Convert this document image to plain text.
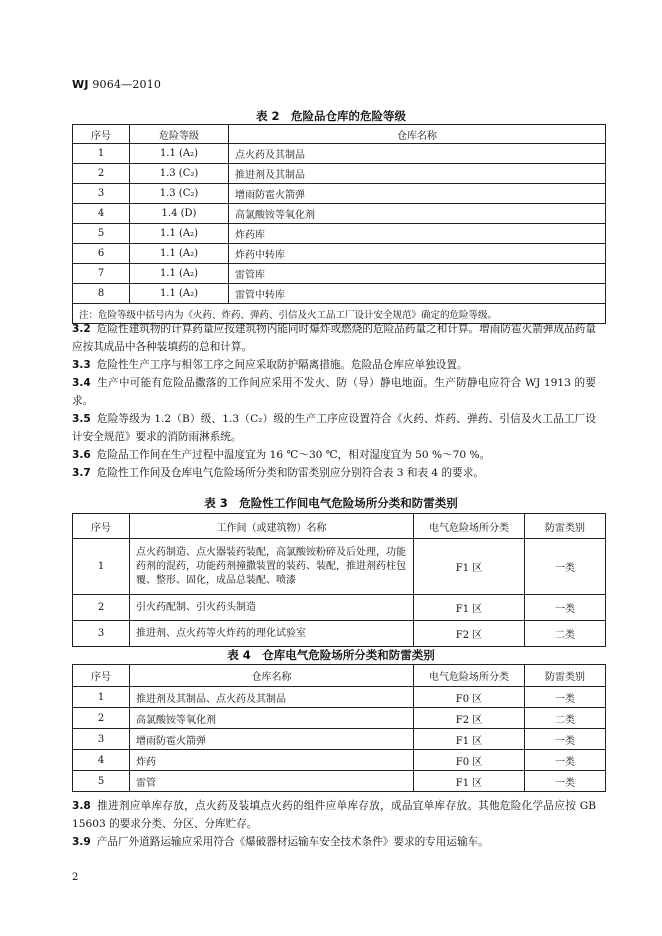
WJ 9064—2010
表 2　危险品仓库的危险等级
序号	危险等级	仓库名称
1	1.1 (A₂)	点火药及其制品
2	1.3 (C₂)	推进剂及其制品
3	1.3 (C₂)	增雨防雹火箭弹
4	1.4 (D)	高氯酸铵等氧化剂
5	1.1 (A₂)	炸药库
6	1.1 (A₂)	炸药中转库
7	1.1 (A₂)	雷管库
8	1.1 (A₂)	雷管中转库
注：危险等级中括号内为《火药、炸药、弹药、引信及火工品工厂设计安全规范》确定的危险等级。		
3.2 危险性建筑物的计算药量应按建筑物内能同时爆炸或燃烧的危险品药量之和计算。增雨防雹火箭弹成品药量应按其成品中各种装填药的总和计算。
3.3 危险性生产工序与相邻工序之间应采取防护隔离措施。危险品仓库应单独设置。
3.4 生产中可能有危险品撒落的工作间应采用不发火、防（导）静电地面。生产防静电应符合 WJ 1913 的要求。
3.5 危险等级为 1.2（B）级、1.3（C₂）级的生产工序应设置符合《火药、炸药、弹药、引信及火工品工厂设计安全规范》要求的消防雨淋系统。
3.6 危险品工作间在生产过程中温度宜为 16 ℃～30 ℃，相对湿度宜为 50 %～70 %。
3.7 危险性工作间及仓库电气危险场所分类和防雷类别应分别符合表 3 和表 4 的要求。
表 3　危险性工作间电气危险场所分类和防雷类别
序号	工作间（或建筑物）名称	电气危险场所分类	防雷类别
1	点火药制造、点火器装药装配，高氯酸铵粉碎及后处理，功能药剂的混药，功能药剂撞撒装置的装药、装配，推进剂药柱包覆、整形、固化，成品总装配、喷漆	F1 区	一类
2	引火药配制、引火药头制造	F1 区	一类
3	推进剂、点火药等火炸药的理化试验室	F2 区	二类
表 4　仓库电气危险场所分类和防雷类别
序号	仓库名称	电气危险场所分类	防雷类别
1	推进剂及其制品、点火药及其制品	F0 区	一类
2	高氯酸铵等氧化剂	F2 区	二类
3	增雨防雹火箭弹	F1 区	一类
4	炸药	F0 区	一类
5	雷管	F1 区	一类
3.8 推进剂应单库存放，点火药及装填点火药的组件应单库存放，成品宜单库存放。其他危险化学品应按 GB 15603 的要求分类、分区、分库贮存。
3.9 产品厂外道路运输应采用符合《爆破器材运输车安全技术条件》要求的专用运输车。
2
